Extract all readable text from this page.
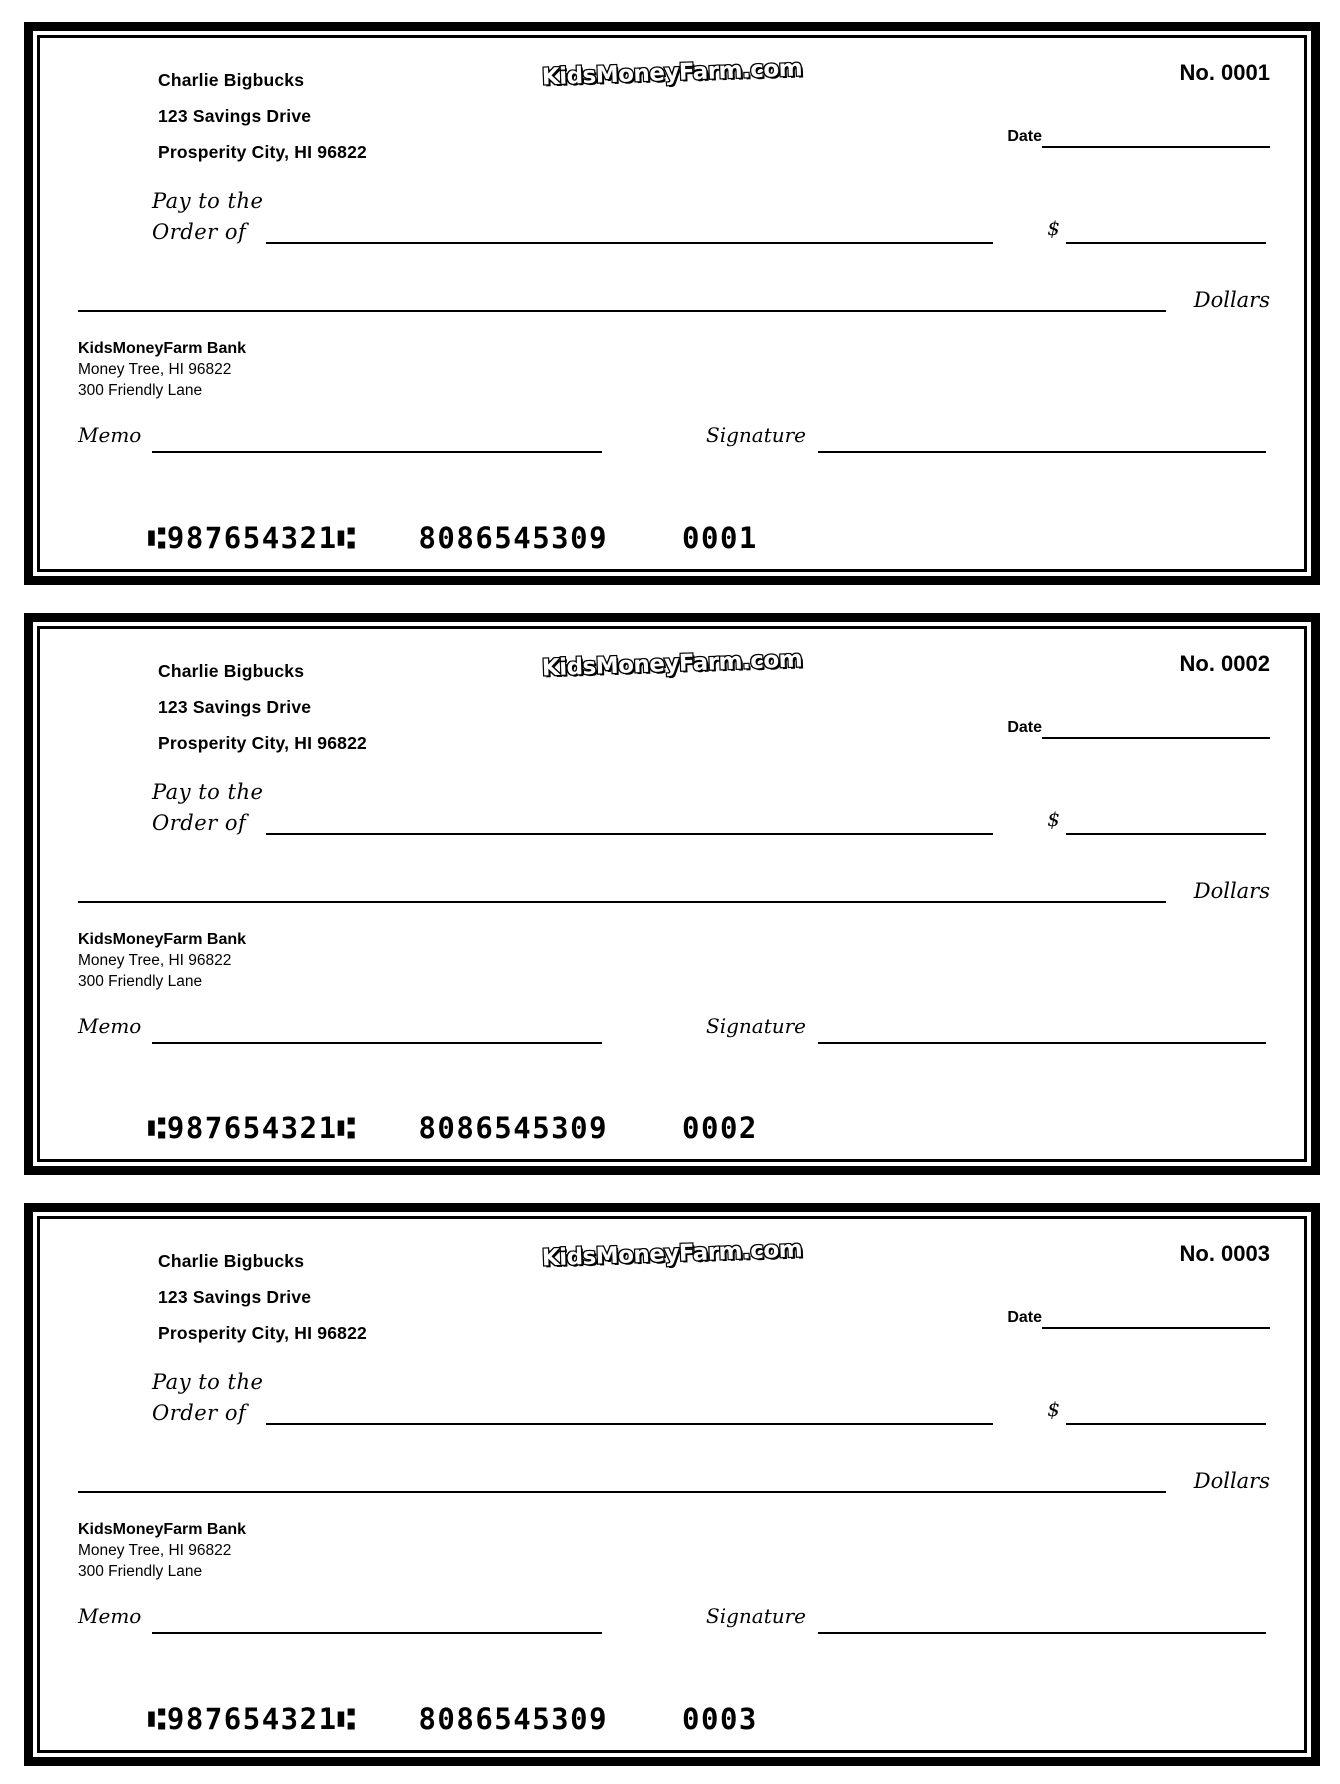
Charlie Bigbucks
123 Savings Drive
Prosperity City, HI 96822
KidsMoneyFarm.com	No. 0001
Date
Pay to the
Order of	$
Dollars
KidsMoneyFarm Bank
Money Tree, HI 96822
300 Friendly Lane
Memo	Signature
⑆987654321⑆ 8086545309	0001
Charlie Bigbucks
123 Savings Drive
Prosperity City, HI 96822
KidsMoneyFarm.com	No. 0002
Date
Pay to the
Order of	$
Dollars
KidsMoneyFarm Bank
Money Tree, HI 96822
300 Friendly Lane
Memo	Signature
⑆987654321⑆ 8086545309	0002
Charlie Bigbucks
123 Savings Drive
Prosperity City, HI 96822
KidsMoneyFarm.com	No. 0003
Date
Pay to the
Order of	$
Dollars
KidsMoneyFarm Bank
Money Tree, HI 96822
300 Friendly Lane
Memo	Signature
⑆987654321⑆ 8086545309	0003
